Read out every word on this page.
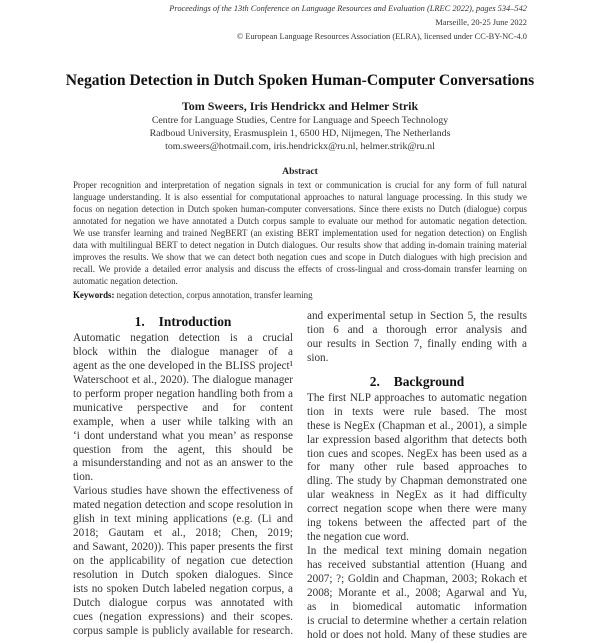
Proceedings of the 13th Conference on Language Resources and Evaluation (LREC 2022), pages 534–542
Marseille, 20-25 June 2022
© European Language Resources Association (ELRA), licensed under CC-BY-NC-4.0
Negation Detection in Dutch Spoken Human-Computer Conversations
Tom Sweers, Iris Hendrickx and Helmer Strik
Centre for Language Studies, Centre for Language and Speech Technology
Radboud University, Erasmusplein 1, 6500 HD, Nijmegen, The Netherlands
tom.sweers@hotmail.com, iris.hendrickx@ru.nl, helmer.strik@ru.nl
Abstract
Proper recognition and interpretation of negation signals in text or communication is crucial for any form of full natural
language understanding. It is also essential for computational approaches to natural language processing. In this study we
focus on negation detection in Dutch spoken human-computer conversations. Since there exists no Dutch (dialogue) corpus
annotated for negation we have annotated a Dutch corpus sample to evaluate our method for automatic negation detection.
We use transfer learning and trained NegBERT (an existing BERT implementation used for negation detection) on English
data with multilingual BERT to detect negation in Dutch dialogues. Our results show that adding in-domain training material
improves the results. We show that we can detect both negation cues and scope in Dutch dialogues with high precision and
recall. We provide a detailed error analysis and discuss the effects of cross-lingual and cross-domain transfer learning on
automatic negation detection.
Keywords: negation detection, corpus annotation, transfer learning
1. Introduction
Automatic negation detection is a crucial
block within the dialogue manager of a
agent as the one developed in the BLISS project¹
Waterschoot et al., 2020). The dialogue manager
to perform proper negation handling both from a
municative perspective and for content
example, when a user while talking with an
‘i dont understand what you mean’ as response
question from the agent, this should be
a misunderstanding and not as an answer to the
tion.
Various studies have shown the effectiveness of
mated negation detection and scope resolution in
glish in text mining applications (e.g. (Li and
2018; Gautam et al., 2018; Chen, 2019;
and Sawant, 2020)). This paper presents the first
on the applicability of negation cue detection
resolution in Dutch spoken dialogues. Since
ists no spoken Dutch labeled negation corpus, a
Dutch dialogue corpus was annotated with
cues (negation expressions) and their scopes.
corpus sample is publicly available for research.
and experimental setup in Section 5, the results
tion 6 and a thorough error analysis and
our results in Section 7, finally ending with a
sion.
2. Background
The first NLP approaches to automatic negation
tion in texts were rule based. The most
these is NegEx (Chapman et al., 2001), a simple
lar expression based algorithm that detects both
tion cues and scopes. NegEx has been used as a
for many other rule based approaches to
dling. The study by Chapman demonstrated one
ular weakness in NegEx as it had difficulty
correct negation scope when there were many
ing tokens between the affected part of the
the negation cue word.
In the medical text mining domain negation
has received substantial attention (Huang and
2007; ?; Goldin and Chapman, 2003; Rokach et
2008; Morante et al., 2008; Agarwal and Yu,
as in biomedical automatic information
is crucial to determine whether a certain relation
hold or does not hold. Many of these studies are
